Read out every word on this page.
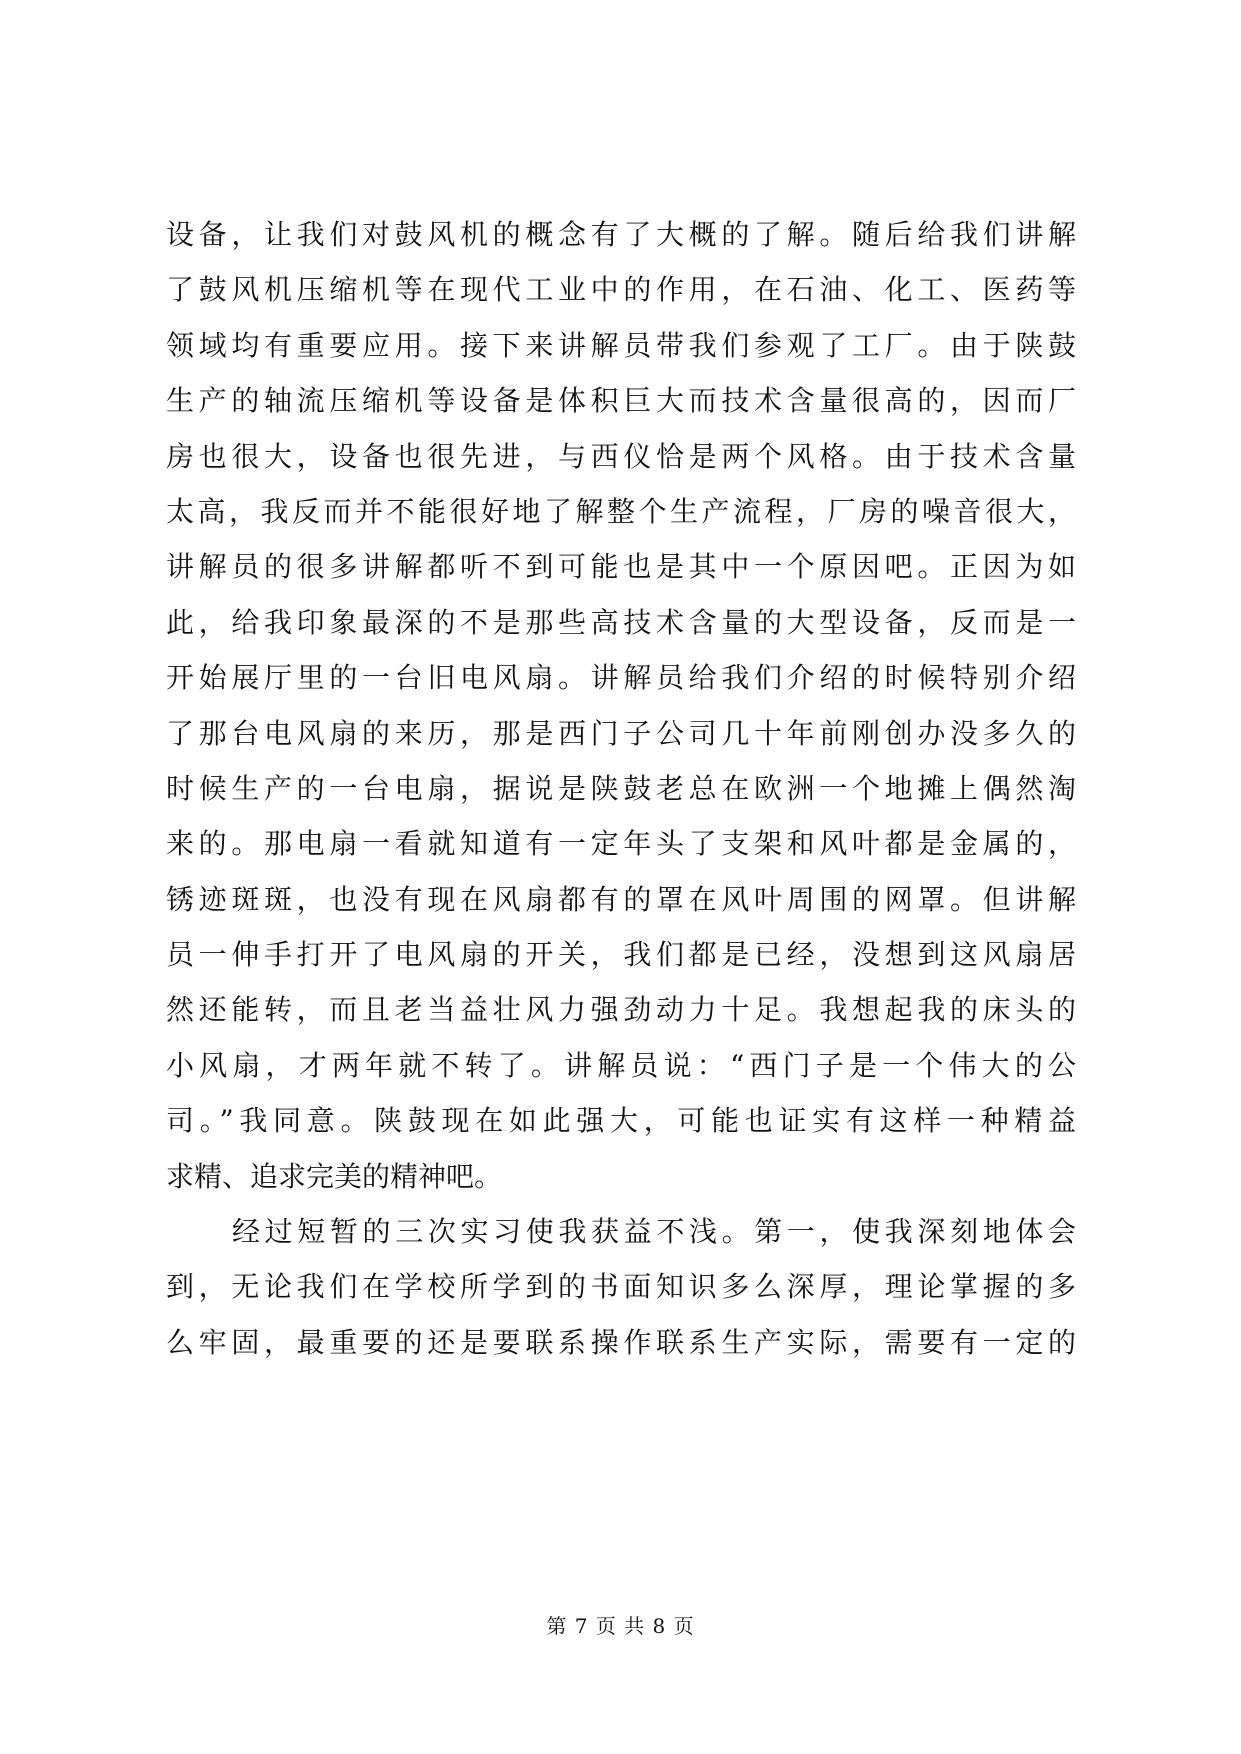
设备，让我们对鼓风机的概念有了大概的了解。随后给我们讲解
了鼓风机压缩机等在现代工业中的作用，在石油、化工、医药等
领域均有重要应用。接下来讲解员带我们参观了工厂。由于陕鼓
生产的轴流压缩机等设备是体积巨大而技术含量很高的，因而厂
房也很大，设备也很先进，与西仪恰是两个风格。由于技术含量
太高，我反而并不能很好地了解整个生产流程，厂房的噪音很大，
讲解员的很多讲解都听不到可能也是其中一个原因吧。正因为如
此，给我印象最深的不是那些高技术含量的大型设备，反而是一
开始展厅里的一台旧电风扇。讲解员给我们介绍的时候特别介绍
了那台电风扇的来历，那是西门子公司几十年前刚创办没多久的
时候生产的一台电扇，据说是陕鼓老总在欧洲一个地摊上偶然淘
来的。那电扇一看就知道有一定年头了支架和风叶都是金属的，
锈迹斑斑，也没有现在风扇都有的罩在风叶周围的网罩。但讲解
员一伸手打开了电风扇的开关，我们都是已经，没想到这风扇居
然还能转，而且老当益壮风力强劲动力十足。我想起我的床头的
小风扇，才两年就不转了。讲解员说：“西门子是一个伟大的公
司。”我同意。陕鼓现在如此强大，可能也证实有这样一种精益
求精、追求完美的精神吧。
经过短暂的三次实习使我获益不浅。第一，使我深刻地体会
到，无论我们在学校所学到的书面知识多么深厚，理论掌握的多
么牢固，最重要的还是要联系操作联系生产实际，需要有一定的
第 7 页 共 8 页
